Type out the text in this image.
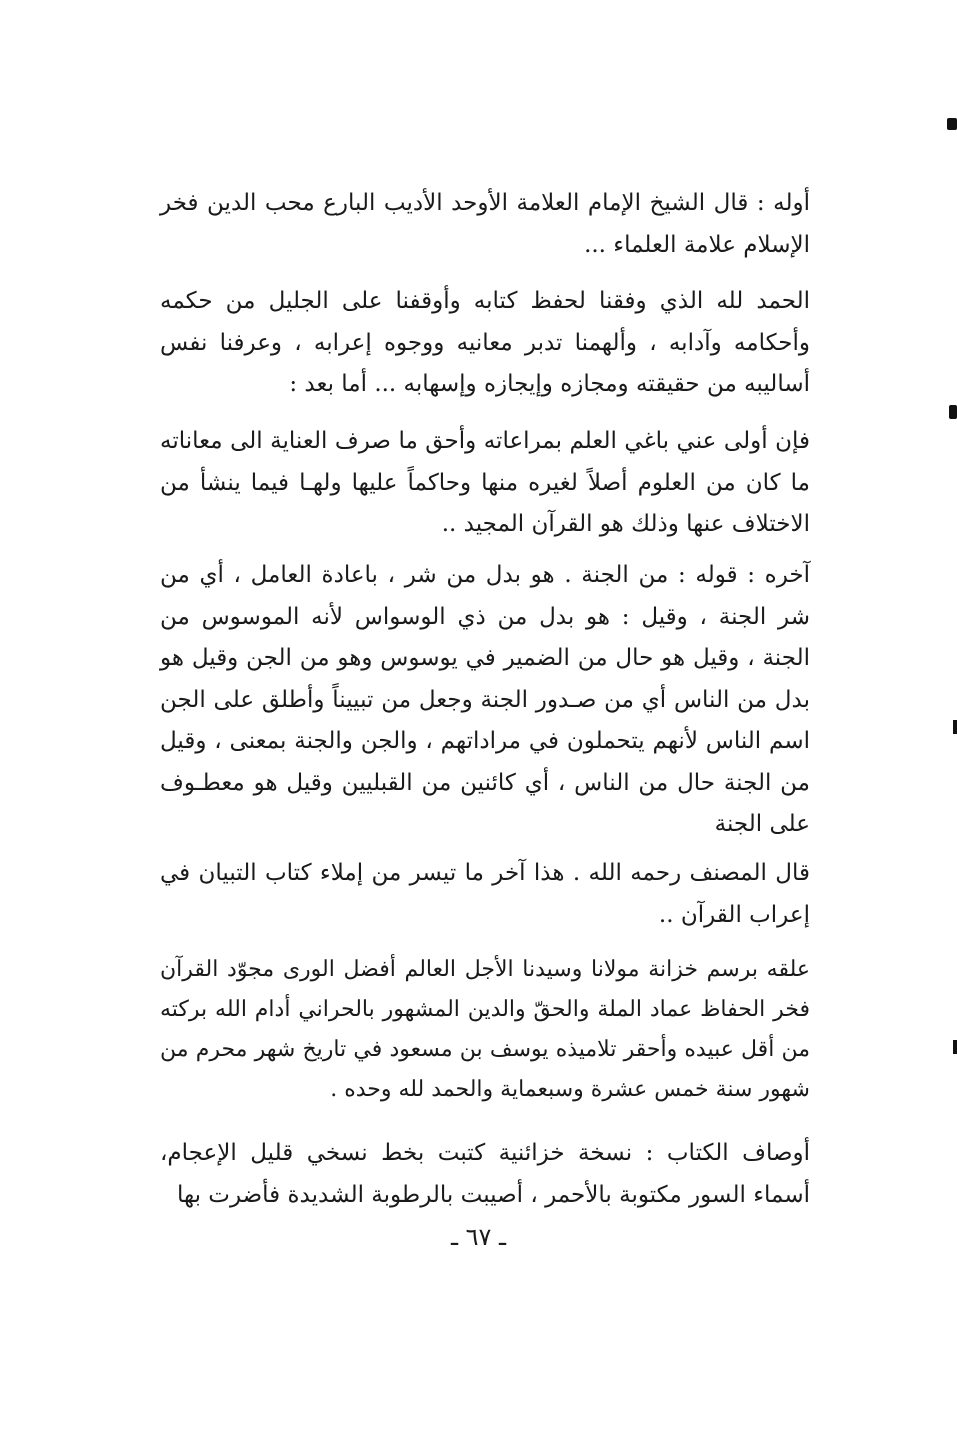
أوله : قال الشيخ الإمام العلامة الأوحد الأديب البارع محب الدين فخر الإسلام علامة العلماء ...

الحمد لله الذي وفقنا لحفظ كتابه وأوقفنا على الجليل من حكمه وأحكامه وآدابه ، وألهمنا تدبر معانيه ووجوه إعرابه ، وعرفنا نفس أساليبه من حقيقته ومجازه وإيجازه وإسهابه ... أما بعد :

فإن أولى عني باغي العلم بمراعاته وأحق ما صرف العناية الى معاناته ما كان من العلوم أصلاً لغيره منها وحاكماً عليها ولهـا فيما ينشأ من الاختلاف عنها وذلك هو القرآن المجيد ..

آخره : قوله : من الجنة . هو بدل من شر ، باعادة العامل ، أي من شر الجنة ، وقيل : هو بدل من ذي الوسواس لأنه الموسوس من الجنة ، وقيل هو حال من الضمير في يوسوس وهو من الجن وقيل هو بدل من الناس أي من صـدور الجنة وجعل من تبييناً وأطلق على الجن اسم الناس لأنهم يتحملون في مراداتهم ، والجن والجنة بمعنى ، وقيل من الجنة حال من الناس ، أي كائنين من القبليين وقيل هو معطـوف على الجنة

قال المصنف رحمه الله . هذا آخر ما تيسر من إملاء كتاب التبيان في إعراب القرآن ..

علقه برسم خزانة مولانا وسيدنا الأجل العالم أفضل الورى مجوّد القرآن فخر الحفاظ عماد الملة والحقّ والدين المشهور بالحراني أدام الله بركته من أقل عبيده وأحقر تلاميذه يوسف بن مسعود في تاريخ شهر محرم من شهور سنة خمس عشرة وسبعماية والحمد لله وحده .

أوصاف الكتاب : نسخة خزائنية كتبت بخط نسخي قليل الإعجام، أسماء السور مكتوبة بالأحمر ، أصيبت بالرطوبة الشديدة فأضرت بها

ـ ٦٧ ـ
